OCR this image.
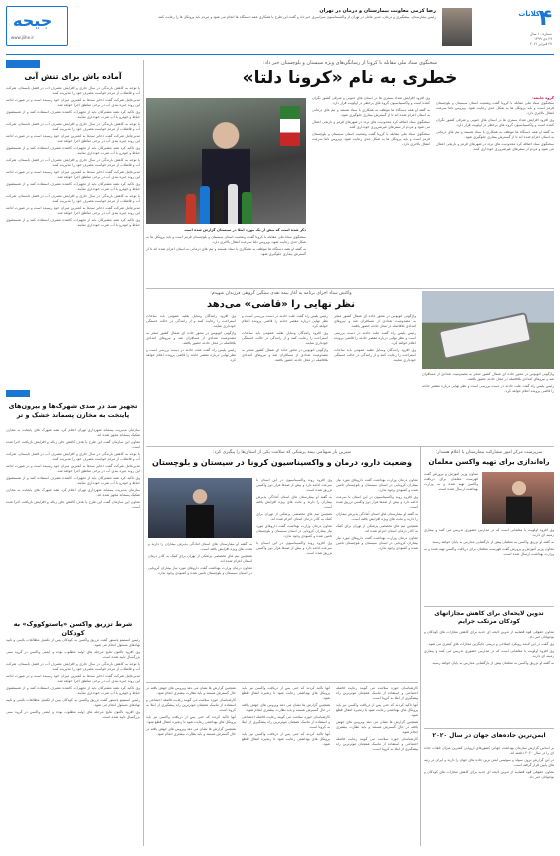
جیحه
www.jiihe.ir
رضا کرمی معاونت بیمارستان و درمان در تهران
رئیس بیمارستان، پیشگیری و درمان، مدیر عامل در تهران از واکسیناسیون سراسری خبر داد و گفت این طرح با همکاری همه دستگاه ها انجام می شود و مردم باید پروتکل ها را رعایت کنند.	۴
کلانات
شماره ۱۰ سال
۲۹ دی ۱۳۹۹
۲۷ فبرایر ۲۰۲۱
سخنگوی ستاد ملی مقابله با کرونا از رسانگی‌های ویژه سیستان و بلوچستان خبر داد:
خطری به نام «کرونا دلتا»
گروه جامعه:
سخنگوی ستاد ملی مقابله با کرونا گفت وضعیت استان سیستان و بلوچستان قرمز است و باید پروتکل ها به شکل جدی رعایت شود. ویروس دلتا سرعت انتقال بالاتری دارد.
وی افزود افزایش تعداد بستری ها در استان های جنوبی و شرقی کشور نگران کننده است و واکسیناسیون گروه های پرخطر در اولویت قرار دارد.
به گفته او همه دستگاه ها موظف به همکاری با ستاد هستند و تیم های درمانی به استان اعزام شده اند تا از گسترش بیماری جلوگیری شود.
سخنگوی ستاد اضافه کرد محدودیت های تردد در شهرهای قرمز و نارنجی اعمال می شود و مردم از سفرهای غیرضروری خودداری کنند.
وی افزود افزایش تعداد بستری ها در استان های جنوبی و شرقی کشور نگران کننده است و واکسیناسیون گروه های پرخطر در اولویت قرار دارد.
به گفته او همه دستگاه ها موظف به همکاری با ستاد هستند و تیم های درمانی به استان اعزام شده اند تا از گسترش بیماری جلوگیری شود.
سخنگوی ستاد اضافه کرد محدودیت های تردد در شهرهای قرمز و نارنجی اعمال می شود و مردم از سفرهای غیرضروری خودداری کنند.
سخنگوی ستاد ملی مقابله با کرونا گفت وضعیت استان سیستان و بلوچستان قرمز است و باید پروتکل ها به شکل جدی رعایت شود. ویروس دلتا سرعت انتقال بالاتری دارد.
ذکر شده است که بیش از یک مورد ابتلا در سیستان گزارش شده است
سخنگوی ستاد ملی مقابله با کرونا گفت وضعیت استان سیستان و بلوچستان قرمز است و باید پروتکل ها به شکل جدی رعایت شود. ویروس دلتا سرعت انتقال بالاتری دارد.
به گفته او همه دستگاه ها موظف به همکاری با ستاد هستند و تیم های درمانی به استان اعزام شده اند تا از گسترش بیماری جلوگیری شود.
آماده باش برای تنش آبی
با توجه به کاهش بارندگی در سال جاری و افزایش مصرف آب در فصل تابستان، شرکت آب و فاضلاب از مردم خواست مصرف خود را مدیریت کنند.
مدیرعامل شرکت گفت ذخایر سدها به کمترین میزان خود رسیده است و در صورت ادامه این روند جیره بندی آب در برخی مناطق اجرا خواهد شد.
وی تاکید کرد همه مشترکان باید از تجهیزات کاهنده مصرف استفاده کنند و از شستشوی حیاط و خودرو با آب شرب خودداری نمایند.
با توجه به کاهش بارندگی در سال جاری و افزایش مصرف آب در فصل تابستان، شرکت آب و فاضلاب از مردم خواست مصرف خود را مدیریت کنند.
مدیرعامل شرکت گفت ذخایر سدها به کمترین میزان خود رسیده است و در صورت ادامه این روند جیره بندی آب در برخی مناطق اجرا خواهد شد.
وی تاکید کرد همه مشترکان باید از تجهیزات کاهنده مصرف استفاده کنند و از شستشوی حیاط و خودرو با آب شرب خودداری نمایند.
با توجه به کاهش بارندگی در سال جاری و افزایش مصرف آب در فصل تابستان، شرکت آب و فاضلاب از مردم خواست مصرف خود را مدیریت کنند.
مدیرعامل شرکت گفت ذخایر سدها به کمترین میزان خود رسیده است و در صورت ادامه این روند جیره بندی آب در برخی مناطق اجرا خواهد شد.
وی تاکید کرد همه مشترکان باید از تجهیزات کاهنده مصرف استفاده کنند و از شستشوی حیاط و خودرو با آب شرب خودداری نمایند.
با توجه به کاهش بارندگی در سال جاری و افزایش مصرف آب در فصل تابستان، شرکت آب و فاضلاب از مردم خواست مصرف خود را مدیریت کنند.
مدیرعامل شرکت گفت ذخایر سدها به کمترین میزان خود رسیده است و در صورت ادامه این روند جیره بندی آب در برخی مناطق اجرا خواهد شد.
وی تاکید کرد همه مشترکان باید از تجهیزات کاهنده مصرف استفاده کنند و از شستشوی حیاط و خودرو با آب شرب خودداری نمایند.
تجهیز صد در صدی شهرک‌ها و بیرون‌های پایتخت به مخازن پسماند خشک و تر
سازمان مدیریت پسماند شهرداری تهران اعلام کرد همه شهرک های پایتخت به مخازن تفکیک پسماند مجهز شده اند.
معاون این سازمان گفت این طرح با هدف کاهش دفن زباله و افزایش بازیافت اجرا شده است.
با توجه به کاهش بارندگی در سال جاری و افزایش مصرف آب در فصل تابستان، شرکت آب و فاضلاب از مردم خواست مصرف خود را مدیریت کنند.
مدیرعامل شرکت گفت ذخایر سدها به کمترین میزان خود رسیده است و در صورت ادامه این روند جیره بندی آب در برخی مناطق اجرا خواهد شد.
وی تاکید کرد همه مشترکان باید از تجهیزات کاهنده مصرف استفاده کنند و از شستشوی حیاط و خودرو با آب شرب خودداری نمایند.
سازمان مدیریت پسماند شهرداری تهران اعلام کرد همه شهرک های پایتخت به مخازن تفکیک پسماند مجهز شده اند.
معاون این سازمان گفت این طرح با هدف کاهش دفن زباله و افزایش بازیافت اجرا شده است.
شرط تزریق واکسن «پاستوکووک» به کودکان
رئیس انستیتو پاستور گفت تزریق واکسن به کودکان پس از تکمیل مطالعات بالینی و تایید نهادهای مسئول انجام می شود.
وی افزود تاکنون نتایج مرحله های اولیه مطلوب بوده و ایمنی واکسن در گروه سنی بزرگسال تایید شده است.
با توجه به کاهش بارندگی در سال جاری و افزایش مصرف آب در فصل تابستان، شرکت آب و فاضلاب از مردم خواست مصرف خود را مدیریت کنند.
مدیرعامل شرکت گفت ذخایر سدها به کمترین میزان خود رسیده است و در صورت ادامه این روند جیره بندی آب در برخی مناطق اجرا خواهد شد.
وی تاکید کرد همه مشترکان باید از تجهیزات کاهنده مصرف استفاده کنند و از شستشوی حیاط و خودرو با آب شرب خودداری نمایند.
رئیس انستیتو پاستور گفت تزریق واکسن به کودکان پس از تکمیل مطالعات بالینی و تایید نهادهای مسئول انجام می شود.
وی افزود تاکنون نتایج مرحله های اولیه مطلوب بوده و ایمنی واکسن در گروه سنی بزرگسال تایید شده است.
واکنش ستاد اجرای برنامه به آغاز بیمه نقدی سنگین گروهی فرزندان شهیدم:
نظر نهایی را «قاضی» می‌دهد
واژگونی اتوبوس در محور جاده ای شمال کشور منجر به مصدومیت تعدادی از مسافران شد و نیروهای امدادی بلافاصله در محل حادثه حضور یافتند.
رئیس پلیس راه گفت علت حادثه در دست بررسی است و نظر نهایی درباره مقصر حادثه را قاضی پرونده اعلام خواهد کرد.
وی افزود رانندگان وسایل نقلیه عمومی باید ساعات استراحت را رعایت کنند و از رانندگی در حالت خستگی خودداری نمایند.
رئیس پلیس راه گفت علت حادثه در دست بررسی است و نظر نهایی درباره مقصر حادثه را قاضی پرونده اعلام خواهد کرد.
وی افزود رانندگان وسایل نقلیه عمومی باید ساعات استراحت را رعایت کنند و از رانندگی در حالت خستگی خودداری نمایند.
واژگونی اتوبوس در محور جاده ای شمال کشور منجر به مصدومیت تعدادی از مسافران شد و نیروهای امدادی بلافاصله در محل حادثه حضور یافتند.
وی افزود رانندگان وسایل نقلیه عمومی باید ساعات استراحت را رعایت کنند و از رانندگی در حالت خستگی خودداری نمایند.
واژگونی اتوبوس در محور جاده ای شمال کشور منجر به مصدومیت تعدادی از مسافران شد و نیروهای امدادی بلافاصله در محل حادثه حضور یافتند.
رئیس پلیس راه گفت علت حادثه در دست بررسی است و نظر نهایی درباره مقصر حادثه را قاضی پرونده اعلام خواهد کرد.
واژگونی اتوبوس در محور جاده ای شمال کشور منجر به مصدومیت تعدادی از مسافران شد و نیروهای امدادی بلافاصله در محل حادثه حضور یافتند.
رئیس پلیس راه گفت علت حادثه در دست بررسی است و نظر نهایی درباره مقصر حادثه را قاضی پرونده اعلام خواهد کرد.
سیرین یار شهنامی بیمه پزشکی که سلامت یکی از استان‌ها را پیگیری کرد:
وضعیت دارو، درمان و واکسیناسیون کرونا در سیستان و بلوچستان
معاون درمان وزارت بهداشت گفت داروهای مورد نیاز بیماران کرونایی در استان سیستان و بلوچستان تامین شده و کمبودی وجود ندارد.
وی افزود روند واکسیناسیون در این استان با سرعت ادامه دارد و بیش از صدها هزار دوز واکسن تزریق شده است.
به گفته او بیمارستان های استان آمادگی پذیرش بیماران را دارند و تخت های ویژه افزایش یافته است.
همچنین تیم های تخصصی پزشکی از تهران برای کمک به کادر درمان استان اعزام شده اند.
معاون درمان وزارت بهداشت گفت داروهای مورد نیاز بیماران کرونایی در استان سیستان و بلوچستان تامین شده و کمبودی وجود ندارد.
وی افزود روند واکسیناسیون در این استان با سرعت ادامه دارد و بیش از صدها هزار دوز واکسن تزریق شده است.
به گفته او بیمارستان های استان آمادگی پذیرش بیماران را دارند و تخت های ویژه افزایش یافته است.
همچنین تیم های تخصصی پزشکی از تهران برای کمک به کادر درمان استان اعزام شده اند.
معاون درمان وزارت بهداشت گفت داروهای مورد نیاز بیماران کرونایی در استان سیستان و بلوچستان تامین شده و کمبودی وجود ندارد.
وی افزود روند واکسیناسیون در این استان با سرعت ادامه دارد و بیش از صدها هزار دوز واکسن تزریق شده است.
به گفته او بیمارستان های استان آمادگی پذیرش بیماران را دارند و تخت های ویژه افزایش یافته است.
همچنین تیم های تخصصی پزشکی از تهران برای کمک به کادر درمان استان اعزام شده اند.
معاون درمان وزارت بهداشت گفت داروهای مورد نیاز بیماران کرونایی در استان سیستان و بلوچستان تامین شده و کمبودی وجود ندارد.
سرپرست مرکز امور مشارکت بیمارستان با اعلام هشدار:
راه‌اندازی برای تهیه واکسن معلمان
معاون وزیر آموزش و پرورش گفت فهرست معلمان برای دریافت واکسن تهیه شده و به وزارت بهداشت ارسال شده است.
وی افزود اولویت با معلمانی است که در مدارس حضوری تدریس می کنند و بیماری زمینه ای دارند.
به گفته او تزریق واکسن به معلمان پیش از بازگشایی مدارس به پایان خواهد رسید.
معاون وزیر آموزش و پرورش گفت فهرست معلمان برای دریافت واکسن تهیه شده و به وزارت بهداشت ارسال شده است.
تدوین لایحه‌ای برای کاهش مجازاتهای کودکان مرتکب جرایم
معاون حقوقی قوه قضاییه از تدوین لایحه ای جدید برای کاهش مجازات های کودکان و نوجوانان خبر داد.
وی گفت در این لایحه رویکرد اصلاحی و تربیتی جایگزین مجازات های کیفری می شود.
وی افزود اولویت با معلمانی است که در مدارس حضوری تدریس می کنند و بیماری زمینه ای دارند.
به گفته او تزریق واکسن به معلمان پیش از بازگشایی مدارس به پایان خواهد رسید.
ایمن‌ترین جاده‌های جهان در سال ۲۰۲۰
بر اساس گزارش سازمان بهداشت جهانی کشورهای اروپایی کمترین میزان تلفات جاده ای را در سال ۲۰۲۰ داشته اند.
در این گزارش نروژ، سوئد و سوئیس ایمن ترین جاده های جهان را دارند و ایران در رتبه های پایین قرار گرفته است.
معاون حقوقی قوه قضاییه از تدوین لایحه ای جدید برای کاهش مجازات های کودکان و نوجوانان خبر داد.
کارشناسان حوزه سلامت می گویند رعایت فاصله اجتماعی و استفاده از ماسک همچنان موثرترین راه پیشگیری از ابتلا به کرونا است.
آنها تاکید کردند که حتی پس از دریافت واکسن نیز باید پروتکل های بهداشتی رعایت شود تا زنجیره انتقال قطع شود.
همچنین گزارش ها نشان می دهد ویروس های جهش یافته در حال گسترش هستند و باید نظارت بیشتری انجام شود.
کارشناسان حوزه سلامت می گویند رعایت فاصله اجتماعی و استفاده از ماسک همچنان موثرترین راه پیشگیری از ابتلا به کرونا است.
آنها تاکید کردند که حتی پس از دریافت واکسن نیز باید پروتکل های بهداشتی رعایت شود تا زنجیره انتقال قطع شود.
همچنین گزارش ها نشان می دهد ویروس های جهش یافته در حال گسترش هستند و باید نظارت بیشتری انجام شود.
کارشناسان حوزه سلامت می گویند رعایت فاصله اجتماعی و استفاده از ماسک همچنان موثرترین راه پیشگیری از ابتلا به کرونا است.
آنها تاکید کردند که حتی پس از دریافت واکسن نیز باید پروتکل های بهداشتی رعایت شود تا زنجیره انتقال قطع شود.
همچنین گزارش ها نشان می دهد ویروس های جهش یافته در حال گسترش هستند و باید نظارت بیشتری انجام شود.
کارشناسان حوزه سلامت می گویند رعایت فاصله اجتماعی و استفاده از ماسک همچنان موثرترین راه پیشگیری از ابتلا به کرونا است.
آنها تاکید کردند که حتی پس از دریافت واکسن نیز باید پروتکل های بهداشتی رعایت شود تا زنجیره انتقال قطع شود.
همچنین گزارش ها نشان می دهد ویروس های جهش یافته در حال گسترش هستند و باید نظارت بیشتری انجام شود.
